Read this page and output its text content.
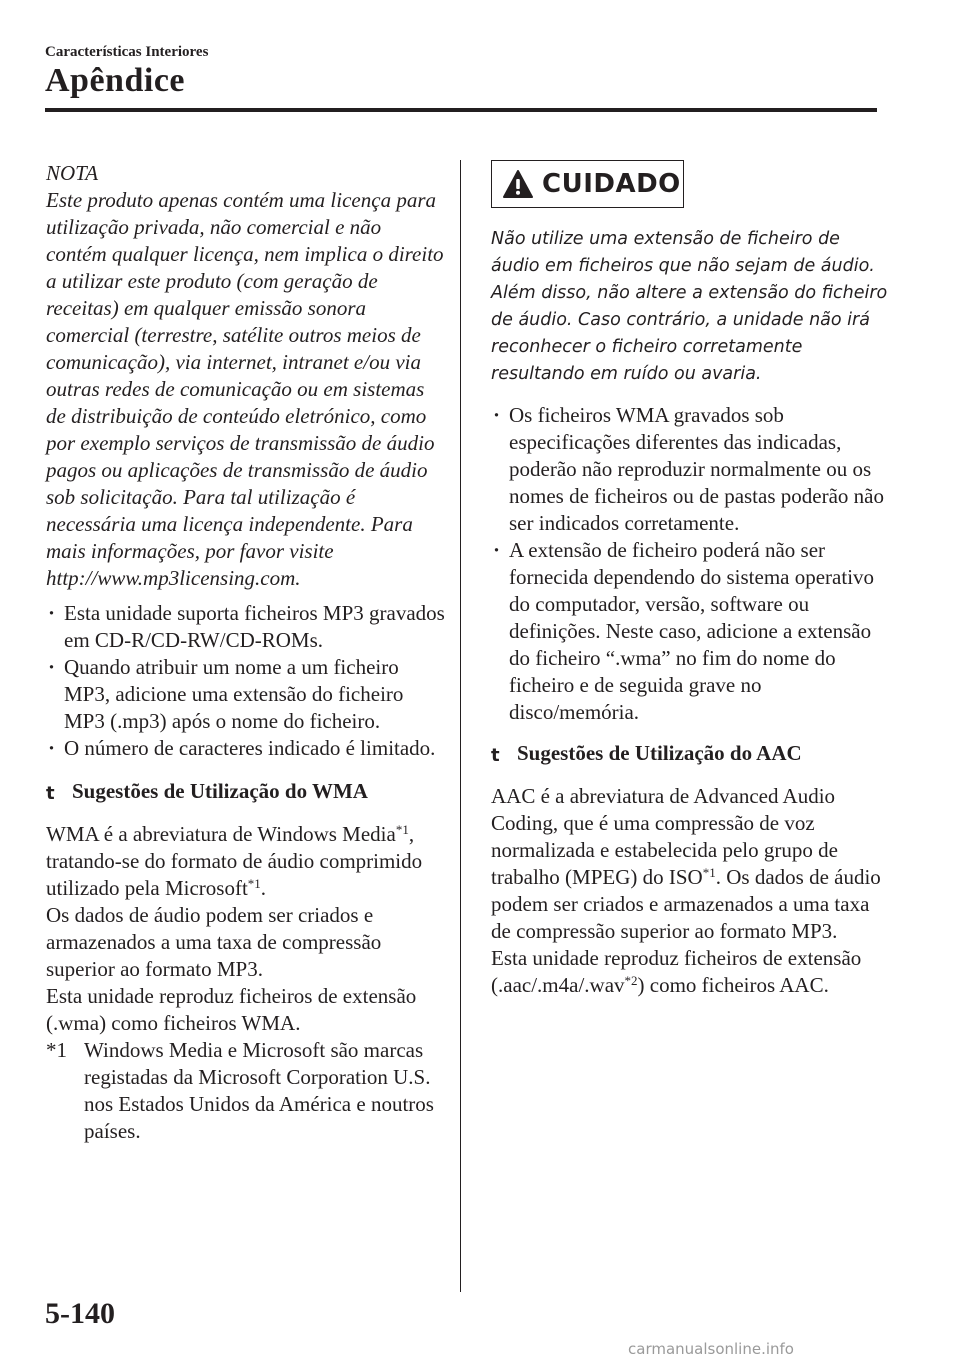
Características Interiores
Apêndice

NOTA

Este produto apenas contém uma licença para utilização privada, não comercial e não contém qualquer licença, nem implica o direito a utilizar este produto (com geração de receitas) em qualquer emissão sonora comercial (terrestre, satélite outros meios de comunicação), via internet, intranet e/ou via outras redes de comunicação ou em sistemas de distribuição de conteúdo eletrónico, como por exemplo serviços de transmissão de áudio pagos ou aplicações de transmissão de áudio sob solicitação. Para tal utilização é necessária uma licença independente. Para mais informações, por favor visite http://www.mp3licensing.com.

· Esta unidade suporta ficheiros MP3 gravados em CD-R/CD-RW/CD-ROMs.
· Quando atribuir um nome a um ficheiro MP3, adicione uma extensão do ficheiro MP3 (.mp3) após o nome do ficheiro.
· O número de caracteres indicado é limitado.

t Sugestões de Utilização do WMA

WMA é a abreviatura de Windows Media$^{*1}$, tratando-se do formato de áudio comprimido utilizado pela Microsoft$^{*1}$.

Os dados de áudio podem ser criados e armazenados a uma taxa de compressão superior ao formato MP3.

Esta unidade reproduz ficheiros de extensão (.wma) como ficheiros WMA.

*1 Windows Media e Microsoft são marcas registadas da Microsoft Corporation U.S. nos Estados Unidos da América e noutros países.

CUIDADO

Não utilize uma extensão de ficheiro de áudio em ficheiros que não sejam de áudio. Além disso, não altere a extensão do ficheiro de áudio. Caso contrário, a unidade não irá reconhecer o ficheiro corretamente resultando em ruído ou avaria.

· Os ficheiros WMA gravados sob especificações diferentes das indicadas, poderão não reproduzir normalmente ou os nomes de ficheiros ou de pastas poderão não ser indicados corretamente.
· A extensão de ficheiro poderá não ser fornecida dependendo do sistema operativo do computador, versão, software ou definições. Neste caso, adicione a extensão do ficheiro “.wma” no fim do nome do ficheiro e de seguida grave no disco/memória.

t Sugestões de Utilização do AAC

AAC é a abreviatura de Advanced Audio Coding, que é uma compressão de voz normalizada e estabelecida pelo grupo de trabalho (MPEG) do ISO$^{*1}$. Os dados de áudio podem ser criados e armazenados a uma taxa de compressão superior ao formato MP3.

Esta unidade reproduz ficheiros de extensão (.aac/.m4a/.wav$^{*2}$) como ficheiros AAC.

5-140
carmanualsonline.info
